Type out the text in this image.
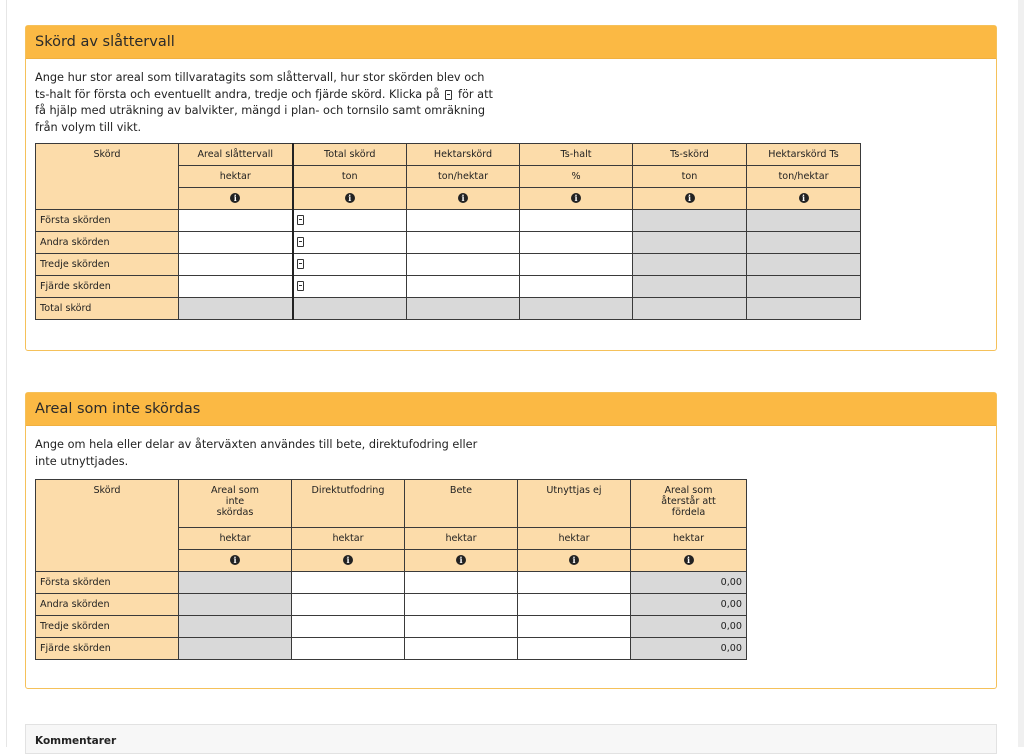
Skörd av slåttervall
Ange hur stor areal som tillvaratagits som slåttervall, hur stor skörden blev och ts-halt för första och eventuellt andra, tredje och fjärde skörd. Klicka på för att få hjälp med uträkning av balvikter, mängd i plan- och tornsilo samt omräkning från volym till vikt.
Skörd	Areal slåttervall	Total skörd	Hektarskörd	Ts-halt	Ts-skörd	Hektarskörd Ts
	hektar	ton	ton/hektar	%	ton	ton/hektar
	i	i	i	i	i	i
Första skörden						
Andra skörden						
Tredje skörden						
Fjärde skörden						
Total skörd						
Areal som inte skördas
Ange om hela eller delar av återväxten användes till bete, direktufodring eller inte utnyttjades.
Skörd	Areal som inte skördas	Direktutfodring	Bete	Utnyttjas ej	Areal som återstår att fördela
	hektar	hektar	hektar	hektar	hektar
	i	i	i	i	i
Första skörden					0,00
Andra skörden					0,00
Tredje skörden					0,00
Fjärde skörden					0,00
Kommentarer
